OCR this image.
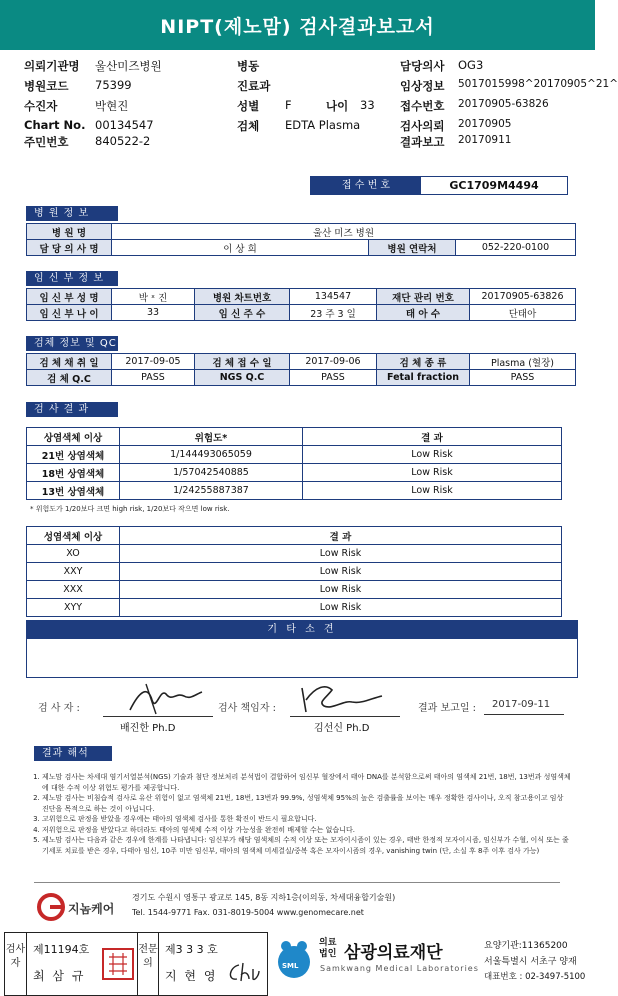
NIPT(제노맘) 검사결과보고서
의뢰기관명 울산미즈병원
병원코드 75399
수진자	박현진
Chart No. 00134547
주민번호 840522-2
병동
진료과
성별 F	나이 33
검체 EDTA Plasma
담당의사 OG3
임상정보 5017015998^20170905^21^
접수번호 20170905-63826
검사의뢰 20170905
결과보고 20170911
접 수 번 호	GC1709M4494
병 원 정 보
병 원 명	울산 미즈 병원		
담 당 의 사 명	이 상 희	병원 연락처	052-220-0100
임 신 부 정 보
임 신 부 성 명	박 ˣ 진	병원 차트번호	134547	재단 관리 번호	20170905-63826
임 신 부 나 이	33	임 신 주 수	23 주 3 일	태 아 수	단태아
검체 정보 및 QC
검 체 채 취 일	2017-09-05	검 체 접 수 일	2017-09-06	검 체 종 류	Plasma (혈장)
검 체 Q.C	PASS	NGS Q.C	PASS	Fetal fraction	PASS
검 사 결 과
상염색체 이상	위험도*	결 과
21번 상염색체	1/144493065059	Low Risk
18번 상염색체	1/57042540885	Low Risk
13번 상염색체	1/24255887387	Low Risk
* 위험도가 1/20보다 크면 high risk, 1/20보다 작으면 low risk.
성염색체 이상	결 과
XO	Low Risk
XXY	Low Risk
XXX	Low Risk
XYY	Low Risk
기 타 소 견
검 사 자 :
배진한 Ph.D
검사 책임자 :
김선신 Ph.D
결과 보고일 : 2017-09-11
결과 해석
1. 제노맘 검사는 차세대 염기서열분석(NGS) 기술과 첨단 정보처리 분석법이 결합하여 임신부 혈장에서 태아 DNA를 분석함으로써 태아의 염색체 21번, 18번, 13번과 성염색체에 대한 수적 이상 위험도 평가를 제공합니다.
2. 제노맘 검사는 비침습적 검사로 유산 위험이 없고 염색체 21번, 18번, 13번과 99.9%, 성염색체 95%의 높은 검출률을 보이는 매우 정확한 검사이나, 오직 참고용이고 임상 진단을 목적으로 하는 것이 아닙니다.
3. 고위험으로 판정을 받았을 경우에는 태아의 염색체 검사를 통한 확진이 반드시 필요합니다.
4. 저위험으로 판정을 받았다고 하더라도 태아의 염색체 수적 이상 가능성을 완전히 배제할 수는 없습니다.
5. 제노맘 검사는 다음과 같은 경우에 한계를 나타냅니다: 임신부가 해당 염색체의 수적 이상 또는 모자이시즘이 있는 경우, 태반 한정적 모자이시즘, 임신부가 수혈, 이식 또는 줄기세포 치료를 받은 경우, 다태아 임신, 10주 미만 임신부, 태아의 염색체 미세결실/중복 혹은 모자이시즘의 경우, vanishing twin (단, 소실 후 8주 이후 검사 가능)
지놈케어
경기도 수원시 영통구 광교로 145, 8동 지하1층(이의동, 차세대융합기술원)
Tel. 1544-9771 Fax. 031-8019-5004 www.genomecare.net
검사자
제11194호
최 삼 규
전문의
제3 3 3 호
지 현 영
SML
의료법인 삼광의료재단
Samkwang Medical Laboratories
요양기관:11365200
서울특별시 서초구 양재
대표번호 : 02-3497-5100
